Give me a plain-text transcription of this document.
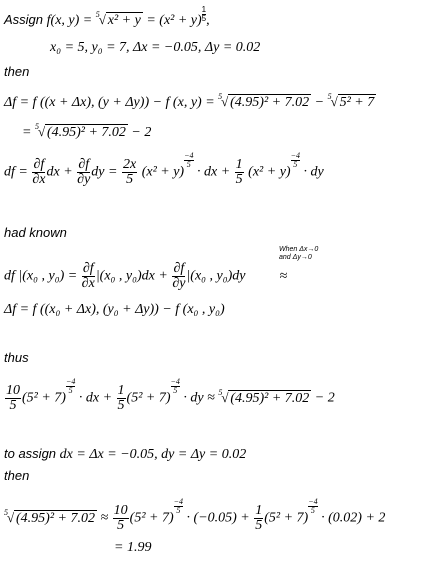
Assign f(x, y) = 5 √ $x^2 + y = (x^2 + y) \frac{1}{5}$,
x₀ = 5, y₀ = 7, Δx = −0.05, Δy = 0.02
then
Δf = f ((x + Δx), (y + Δy)) − f (x, y) = 5 √ (4.95)² + 7.02 − 5 √ 5² + 7
= 5 √ (4.95)² + 7.02 − 2
df = $\frac{\partial f}{\partial x}$ dx + $\frac{\partial f}{\partial y}$ dy = $\frac{2x}{5} (x^2 + y)$
$\frac{-4}{5}$ · dx + $\frac{1}{5} (x^2 + y)$
$\frac{-4}{5}$ · dy
had known
When Δx→0
and Δy→0
df |(x₀ , $y_0) = \frac{\partial f}{\partial x} |(x_0$ , $y_0)dx + \frac{\partial f}{\partial y} |(x_0$ , y₀)dy ≈
Δf = f ((x₀ + Δx), (y₀ + Δy)) − f (x₀ , y₀)
thus
$\frac{10}{5} (5^2 + 7)$
$\frac{-4}{5}$ · dx + $\frac{1}{5} (5^2 + 7)$
$\frac{-4}{5}$ · dy ≈ 5 √ (4.95)² + 7.02 − 2
to assign dx = Δx = −0.05, dy = Δy = 0.02
then
5 √ $(4.95)^2 + 7.02 \approx \frac{10}{5} (5^2 + 7)$
$\frac{-4}{5} \cdot (-0.05) + \frac{1}{5} (5^2 + 7)$
$\frac{-4}{5} \cdot (0.02) + 2$
= 1.99
